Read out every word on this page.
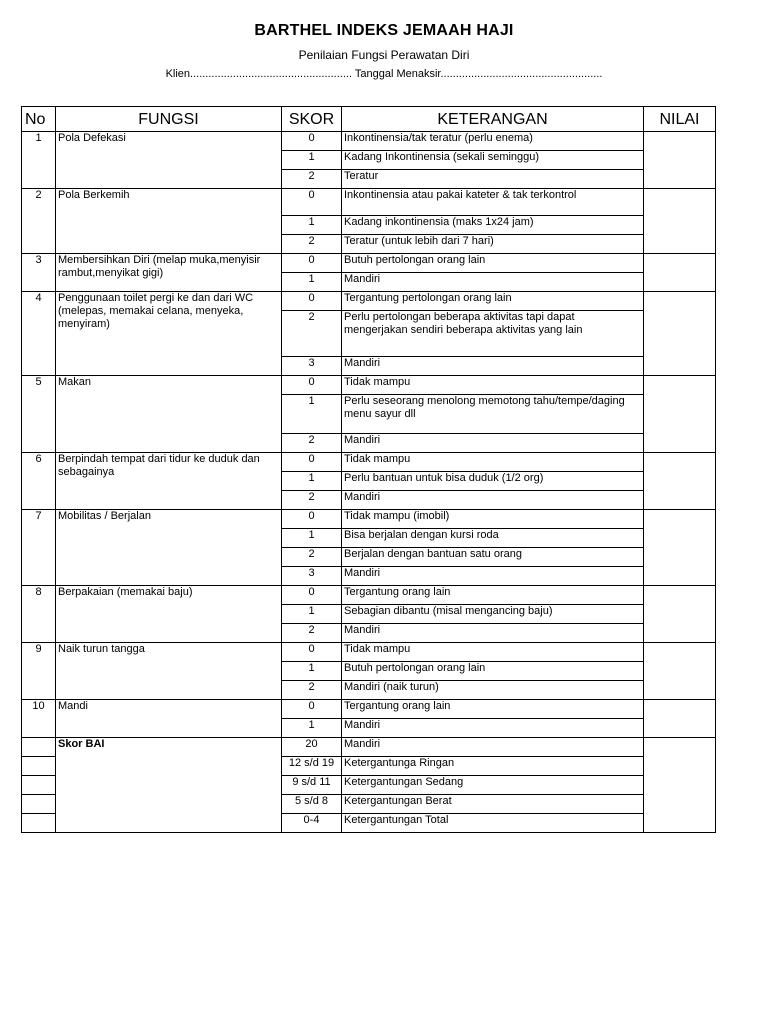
BARTHEL INDEKS JEMAAH HAJI
Penilaian Fungsi Perawatan Diri
Klien..................................................... Tanggal Menaksir.....................................................
No	FUNGSI	SKOR	KETERANGAN	NILAI
1	Pola Defekasi	0	Inkontinensia/tak teratur (perlu enema)	
		1	Kadang Inkontinensia (sekali seminggu)	
		2	Teratur	
2	Pola Berkemih	0	Inkontinensia atau pakai kateter & tak terkontrol	
		1	Kadang inkontinensia (maks 1x24 jam)	
		2	Teratur (untuk lebih dari 7 hari)	
3	Membersihkan Diri (melap muka,menyisir rambut,menyikat gigi)	0	Butuh pertolongan orang lain	
		1	Mandiri	
4	Penggunaan toilet pergi ke dan dari WC (melepas, memakai celana, menyeka, menyiram)	0	Tergantung pertolongan orang lain	
		2	Perlu pertolongan beberapa aktivitas tapi dapat mengerjakan sendiri beberapa aktivitas yang lain	
		3	Mandiri	
5	Makan	0	Tidak mampu	
		1	Perlu seseorang menolong memotong tahu/tempe/daging menu sayur dll	
		2	Mandiri	
6	Berpindah tempat dari tidur ke duduk dan sebagainya	0	Tidak mampu	
		1	Perlu bantuan untuk bisa duduk (1/2 org)	
		2	Mandiri	
7	Mobilitas / Berjalan	0	Tidak mampu (imobil)	
		1	Bisa berjalan dengan kursi roda	
		2	Berjalan dengan bantuan satu orang	
		3	Mandiri	
8	Berpakaian (memakai baju)	0	Tergantung orang lain	
		1	Sebagian dibantu (misal mengancing baju)	
		2	Mandiri	
9	Naik turun tangga	0	Tidak mampu	
		1	Butuh pertolongan orang lain	
		2	Mandiri (naik turun)	
10	Mandi	0	Tergantung orang lain	
		1	Mandiri	
	Skor BAI	20	Mandiri	
		12 s/d 19	Ketergantunga Ringan	
		9 s/d 11	Ketergantungan Sedang	
		5 s/d 8	Ketergantungan Berat	
		0-4	Ketergantungan Total	
